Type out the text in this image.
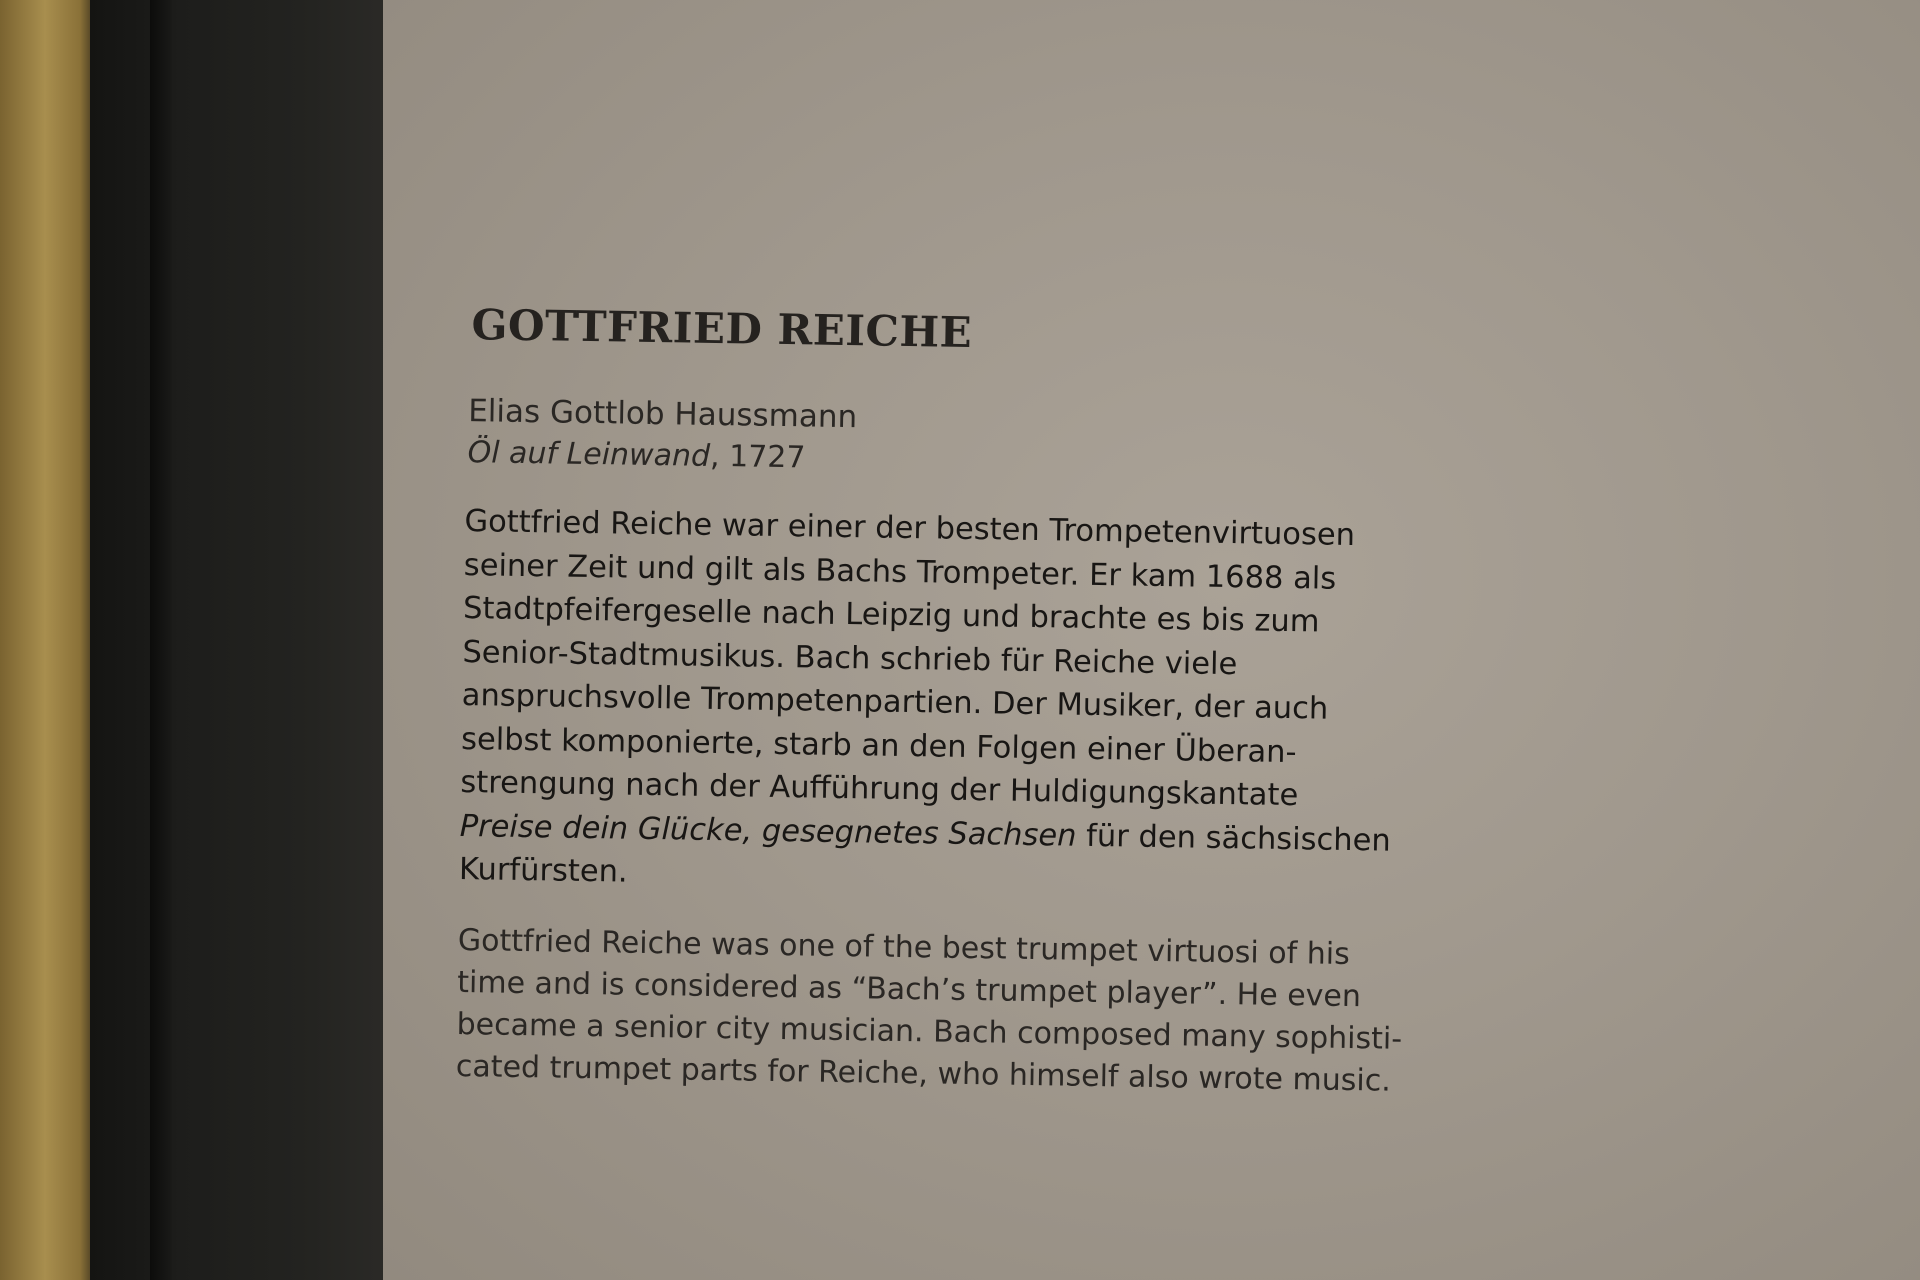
GOTTFRIED REICHE
Elias Gottlob Haussmann
Öl auf Leinwand, 1727
Gottfried Reiche war einer der besten Trompetenvirtuosen
seiner Zeit und gilt als Bachs Trompeter. Er kam 1688 als
Stadtpfeifergeselle nach Leipzig und brachte es bis zum
Senior-Stadtmusikus. Bach schrieb für Reiche viele
anspruchsvolle Trompetenpartien. Der Musiker, der auch
selbst komponierte, starb an den Folgen einer Überan-
strengung nach der Aufführung der Huldigungskantate
Preise dein Glücke, gesegnetes Sachsen für den sächsischen
Kurfürsten.
Gottfried Reiche was one of the best trumpet virtuosi of his
time and is considered as “Bach’s trumpet player”. He even
became a senior city musician. Bach composed many sophisti-
cated trumpet parts for Reiche, who himself also wrote music.
